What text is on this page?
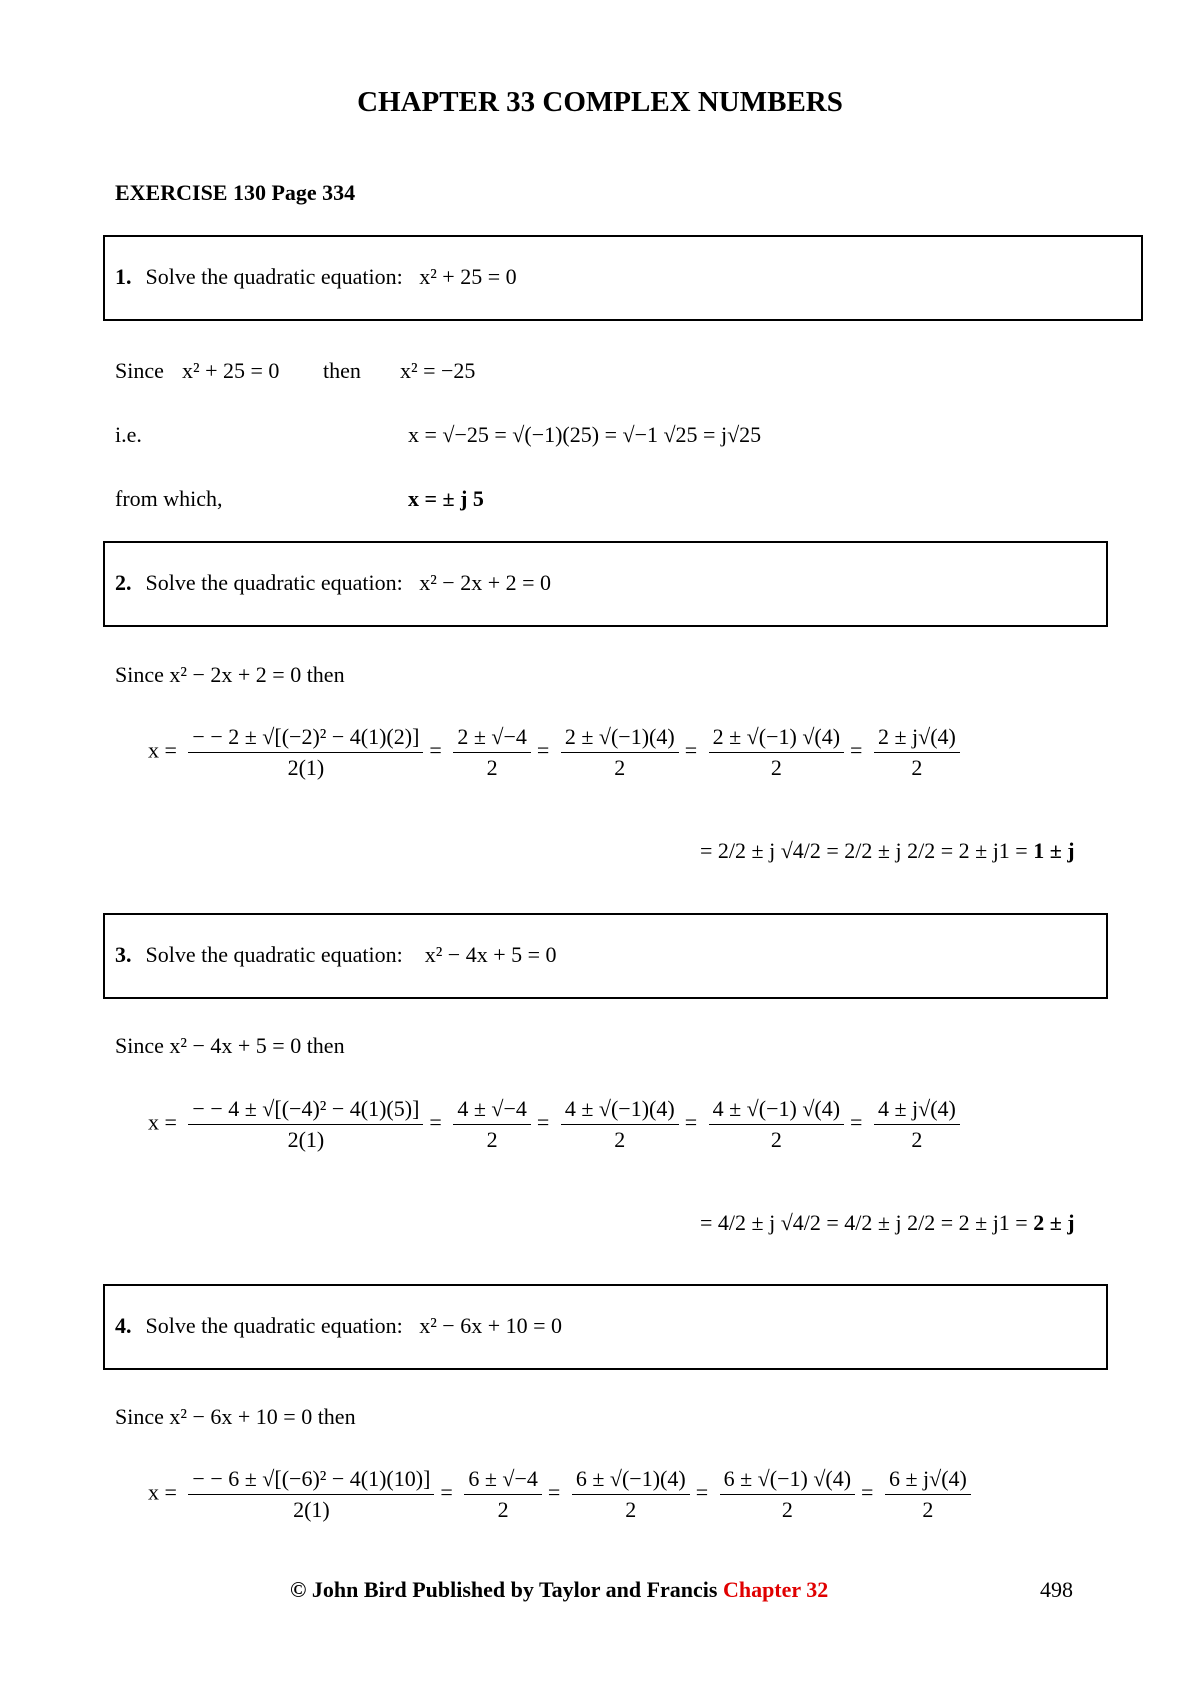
CHAPTER 33 COMPLEX NUMBERS
EXERCISE 130 Page 334
1. Solve the quadratic equation: x² + 25 = 0
Since x² + 25 = 0 then x² = −25
i.e.	x = √−25 = √(−1)(25) = √−1 √25 = j√25
from which,	x = ± j 5
2. Solve the quadratic equation: x² − 2x + 2 = 0
Since x² − 2x + 2 = 0 then
$x = \frac{\text{− − 2 ± √[(−2)² − 4(1)(2)]}}{2(1)} = \frac{2 \pm √-4}{2} = \frac{2 \pm √(-1)(4)}{2} = \frac{2 \pm √(-1) √(4)}{2} = \frac{2 \pm j√(4)}{2}$
= 2/2 ± j √4/2 = 2/2 ± j 2/2 = 2 ± j1 = 1 ± j
3. Solve the quadratic equation: x² − 4x + 5 = 0
Since x² − 4x + 5 = 0 then
$x = \frac{\text{− − 4 ± √[(−4)² − 4(1)(5)]}}{2(1)} = \frac{4 \pm √-4}{2} = \frac{4 \pm √(-1)(4)}{2} = \frac{4 \pm √(-1) √(4)}{2} = \frac{4 \pm j√(4)}{2}$
= 4/2 ± j √4/2 = 4/2 ± j 2/2 = 2 ± j1 = 2 ± j
4. Solve the quadratic equation: x² − 6x + 10 = 0
Since x² − 6x + 10 = 0 then
$x = \frac{\text{− − 6 ± √[(−6)² − 4(1)(10)]}}{2(1)} = \frac{6 \pm √-4}{2} = \frac{6 \pm √(-1)(4)}{2} = \frac{6 \pm √(-1) √(4)}{2} = \frac{6 \pm j√(4)}{2}$
© John Bird Published by Taylor and Francis Chapter 32	498
